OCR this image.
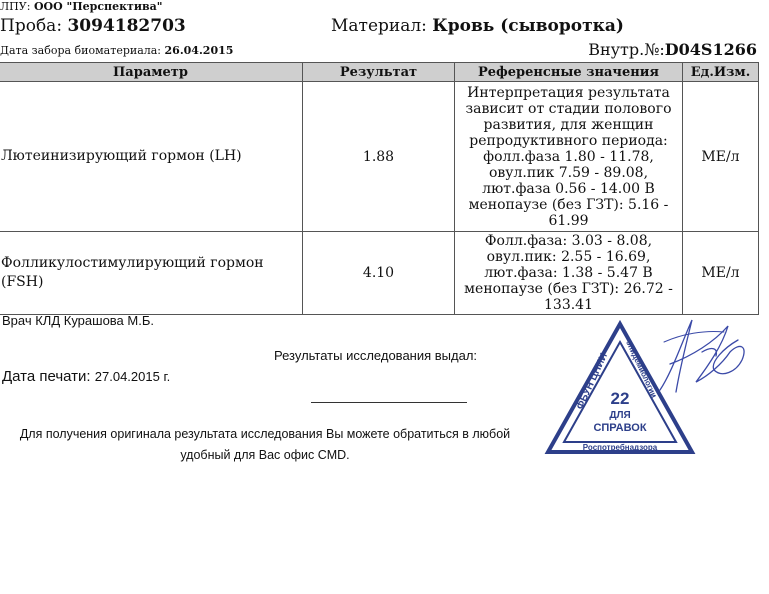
ЛПУ: ООО "Перспектива"
Проба: 3094182703	Материал: Кровь (сыворотка)
Дата забора биоматериала: 26.04.2015	Внутр.№:D04S1266
Параметр	Результат	Референсные значения	Ед.Изм.
Лютеинизирующий гормон (LH)	1.88	Интерпретация результата зависит от стадии полового развития, для женщин репродуктивного периода: фолл.фаза 1.80 - 11.78, овул.пик 7.59 - 89.08, лют.фаза 0.56 - 14.00 В менопаузе (без ГЗТ): 5.16 - 61.99	МЕ/л
Фолликулостимулирующий гормон (FSH)	4.10	Фолл.фаза: 3.03 - 8.08, овул.пик: 2.55 - 16.69, лют.фаза: 1.38 - 5.47 В менопаузе (без ГЗТ): 26.72 - 133.41	МЕ/л
Врач КЛД Курашова М.Б.
Результаты исследования выдал:
Дата печати: 27.04.2015 г.
Для получения оригинала результата исследования Вы можете обратиться в любой удобный для Вас офис CMD.
ФБУН ЦНИИ
эпидемиологии
22
ДЛЯ
СПРАВОК
Роспотребнадзора
